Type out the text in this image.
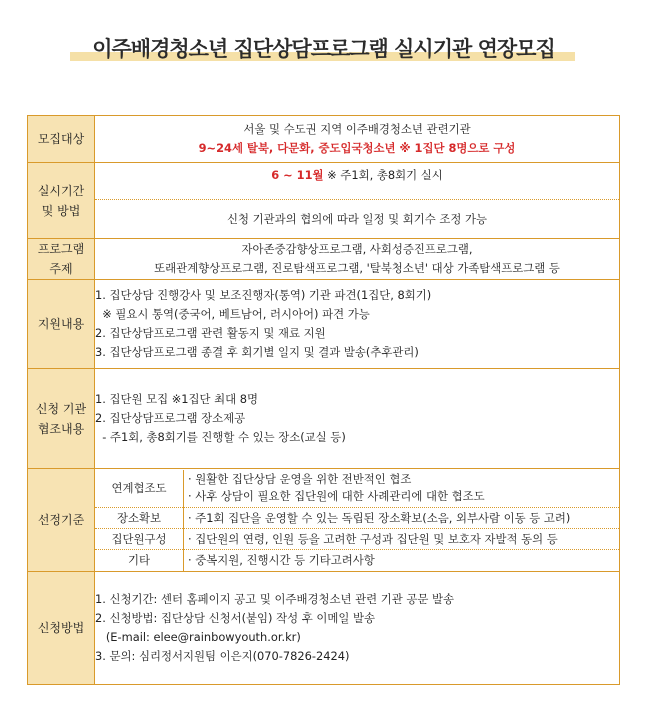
이주배경청소년 집단상담프로그램 실시기관 연장모집
모집대상	
서울 및 수도권 지역 이주배경청소년 관련기관
9~24세 탈북, 다문화, 중도입국청소년 ※ 1집단 8명으로 구성

실시기간
및 방법	
6 ~ 11월 ※ 주1회, 총8회기 실시
신청 기관과의 협의에 따라 일정 및 회기수 조정 가능

프로그램
주제	
자아존중감향상프로그램, 사회성증진프로그램,
또래관계향상프로그램, 진로탐색프로그램, '탈북청소년' 대상 가족탐색프로그램 등

지원내용	
1. 집단상담 진행강사 및 보조진행자(통역) 기관 파견(1집단, 8회기)
※ 필요시 통역(중국어, 베트남어, 러시아어) 파견 가능
2. 집단상담프로그램 관련 활동지 및 재료 지원
3. 집단상담프로그램 종결 후 회기별 일지 및 결과 발송(추후관리)

신청 기관
협조내용	
1. 집단원 모집 ※1집단 최대 8명
2. 집단상담프로그램 장소제공
- 주1회, 총8회기를 진행할 수 있는 장소(교실 등)

선정기준	
연계협조도	
· 원활한 집단상담 운영을 위한 전반적인 협조
· 사후 상담이 필요한 집단원에 대한 사례관리에 대한 협조도

장소확보	· 주1회 집단을 운영할 수 있는 독립된 장소확보(소음, 외부사람 이동 등 고려)
집단원구성	· 집단원의 연령, 인원 등을 고려한 구성과 집단원 및 보호자 자발적 동의 등
기타	· 중복지원, 진행시간 등 기타고려사항

신청방법	
1. 신청기간: 센터 홈페이지 공고 및 이주배경청소년 관련 기관 공문 발송
2. 신청방법: 집단상담 신청서(붙임) 작성 후 이메일 발송
(E-mail: elee@rainbowyouth.or.kr)
3. 문의: 심리정서지원팀 이은지(070-7826-2424)
